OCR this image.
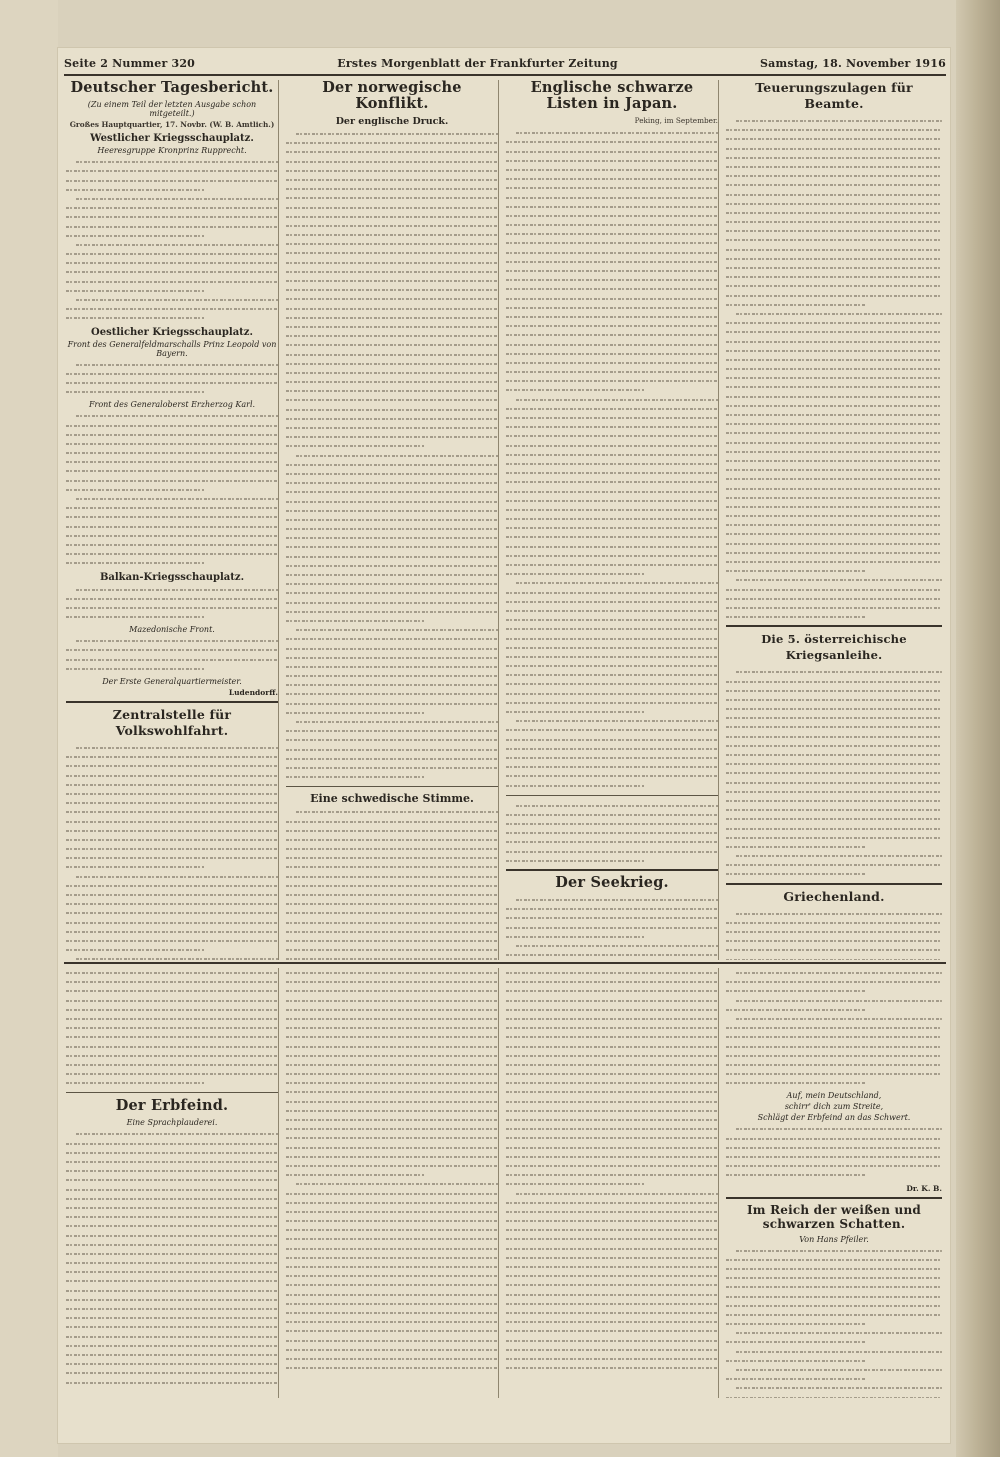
Seite 2 Nummer 320	Erstes Morgenblatt der Frankfurter Zeitung	Samstag, 18. November 1916
Deutscher Tagesbericht.
(Zu einem Teil der letzten Ausgabe schon mitgeteilt.)
Großes Hauptquartier, 17. Novbr. (W. B. Amtlich.)
Westlicher Kriegsschauplatz.
Heeresgruppe Kronprinz Rupprecht.
Oestlicher Kriegsschauplatz.
Front des Generalfeldmarschalls Prinz Leopold von Bayern.
Front des Generaloberst Erzherzog Karl.
Balkan-Kriegsschauplatz.
Mazedonische Front.
Der Erste Generalquartiermeister.
Ludendorff.
Zentralstelle für Volkswohlfahrt.
Der norwegische Konflikt.
Der englische Druck.
Eine schwedische Stimme.
Englische schwarze Listen in Japan.
Peking, im September.
Der Seekrieg.
Teuerungszulagen für Beamte.
Die 5. österreichische Kriegsanleihe.
Griechenland.
Der Erbfeind.
Eine Sprachplauderei.
Auf, mein Deutschland,
schirr' dich zum Streite,
Schlägt der Erbfeind an das Schwert.
Dr. K. B.
Im Reich der weißen und schwarzen Schatten.
Von Hans Pfeiler.
